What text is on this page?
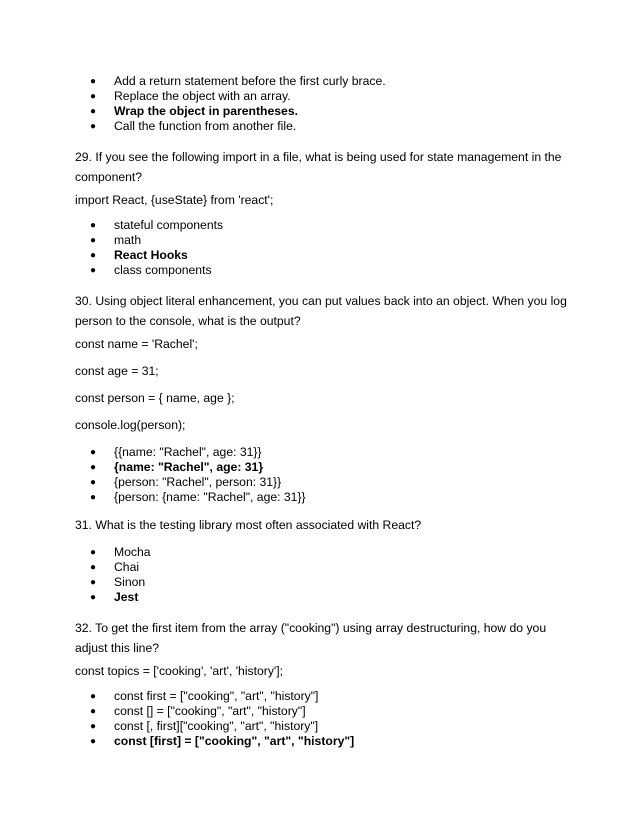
● Add a return statement before the first curly brace.
● Replace the object with an array.
● Wrap the object in parentheses.
● Call the function from another file.
29. If you see the following import in a file, what is being used for state management in the component?
import React, {useState} from 'react';
● stateful components
● math
● React Hooks
● class components
30. Using object literal enhancement, you can put values back into an object. When you log person to the console, what is the output?
const name = 'Rachel';
const age = 31;
const person = { name, age };
console.log(person);
● {{name: "Rachel", age: 31}}
● {name: "Rachel", age: 31}
● {person: "Rachel", person: 31}}
● {person: {name: "Rachel", age: 31}}
31. What is the testing library most often associated with React?
● Mocha
● Chai
● Sinon
● Jest
32. To get the first item from the array ("cooking") using array destructuring, how do you adjust this line?
const topics = ['cooking', 'art', 'history'];
● const first = ["cooking", "art", "history"]
● const [] = ["cooking", "art", "history"]
● const [, first]["cooking", "art", "history"]
● const [first] = ["cooking", "art", "history"]
